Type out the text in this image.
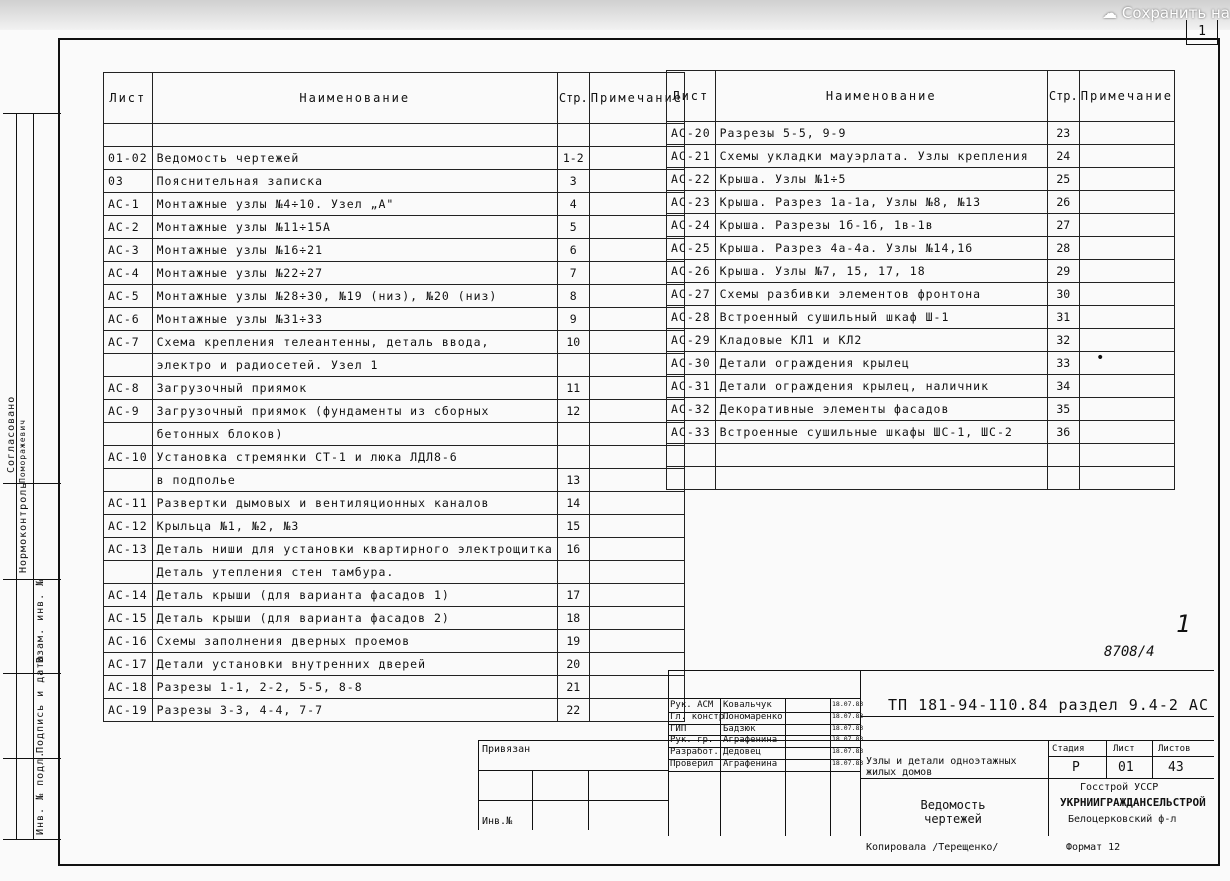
☁ Сохранить на
1
Согласовано
Нормоконтроль
Поморажевич
Взам. инв. №
Подпись и дата
Инв. № подл.
Лист	Наименование	Стр.	Примечание

01-02	Ведомость чертежей	1-2	
03	Пояснительная записка	3	
АС-1	Монтажные узлы №4÷10. Узел „А"	4	
АС-2	Монтажные узлы №11÷15А	5	
АС-3	Монтажные узлы №16÷21	6	
АС-4	Монтажные узлы №22÷27	7	
АС-5	Монтажные узлы №28÷30, №19 (низ), №20 (низ)	8	
АС-6	Монтажные узлы №31÷33	9	
АС-7	Схема крепления телеантенны, деталь ввода,	10	
	электро и радиосетей. Узел 1		
АС-8	Загрузочный приямок	11	
АС-9	Загрузочный приямок (фундаменты из сборных	12	
	бетонных блоков)		
АС-10	Установка стремянки СТ-1 и люка ЛДЛ8-6		
	в подполье	13	
АС-11	Развертки дымовых и вентиляционных каналов	14	
АС-12	Крыльца №1, №2, №3	15	
АС-13	Деталь ниши для установки квартирного электрощитка	16	
	Деталь утепления стен тамбура.		
АС-14	Деталь крыши (для варианта фасадов 1)	17	
АС-15	Деталь крыши (для варианта фасадов 2)	18	
АС-16	Схемы заполнения дверных проемов	19	
АС-17	Детали установки внутренних дверей	20	
АС-18	Разрезы 1-1, 2-2, 5-5, 8-8	21	
АС-19	Разрезы 3-3, 4-4, 7-7	22	
Лист	Наименование	Стр.	Примечание
АС-20	Разрезы 5-5, 9-9	23	
АС-21	Схемы укладки мауэрлата. Узлы крепления	24	
АС-22	Крыша. Узлы №1÷5	25	
АС-23	Крыша. Разрез 1а-1а, Узлы №8, №13	26	
АС-24	Крыша. Разрезы 1б-1б, 1в-1в	27	
АС-25	Крыша. Разрез 4а-4а. Узлы №14,16	28	
АС-26	Крыша. Узлы №7, 15, 17, 18	29	
АС-27	Схемы разбивки элементов фронтона	30	
АС-28	Встроенный сушильный шкаф Ш-1	31	
АС-29	Кладовые КЛ1 и КЛ2	32	
АС-30	Детали ограждения крылец	33	
АС-31	Детали ограждения крылец, наличник	34	
АС-32	Декоративные элементы фасадов	35	
АС-33	Встроенные сушильные шкафы ШС-1, ШС-2	36	

•
1
8708/4
Привязан
Инв.№
ТП 181-94-110.84 раздел 9.4-2 АС
Рук. АСМ Ковальчук	18.07.83
Гл. констр.
Пономаренко	18.07.83
ГИП	Бадзюк	18.07.83
Рук. гр. Аграфенина	18.07.83
Разработ. Дедовец	18.07.83
Проверил Аграфенина	18.07.83 Узлы и детали одноэтажных жилых домов
Ведомость чертежей
Стадия	Лист	Листов
Р	01	43
Госстрой УССР
УКРНИИГРАЖДАНСЕЛЬСТРОЙ
Белоцерковский ф-л
Копировала /Терещенко/	Формат 12
